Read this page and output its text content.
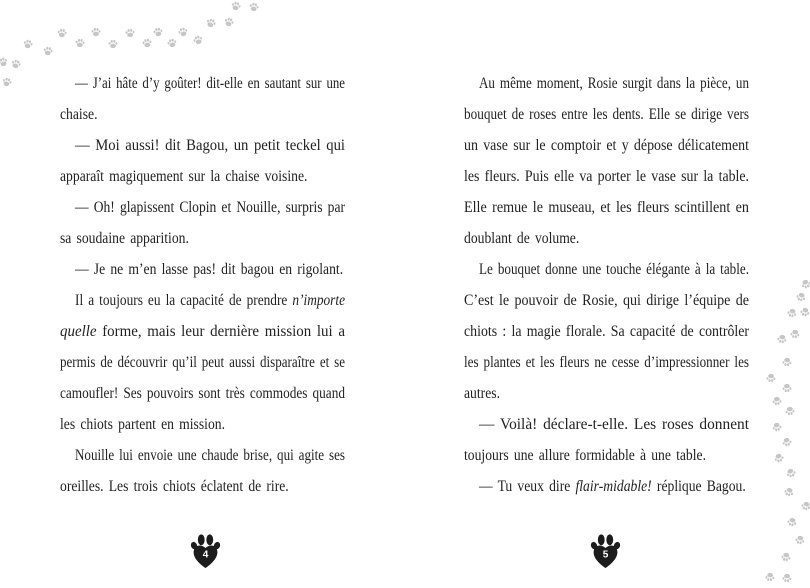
— J’ai hâte d’y goûter! dit-elle en sautant sur une
chaise.
— Moi aussi! dit Bagou, un petit teckel qui
apparaît magiquement sur la chaise voisine.
— Oh! glapissent Clopin et Nouille, surpris par
sa soudaine apparition.
— Je ne m’en lasse pas! dit bagou en rigolant.
Il a toujours eu la capacité de prendre n’importe
quelle forme, mais leur dernière mission lui a
permis de découvrir qu’il peut aussi disparaître et se
camoufler! Ses pouvoirs sont très commodes quand
les chiots partent en mission.
Nouille lui envoie une chaude brise, qui agite ses
oreilles. Les trois chiots éclatent de rire.
4
Au même moment, Rosie surgit dans la pièce, un
bouquet de roses entre les dents. Elle se dirige vers
un vase sur le comptoir et y dépose délicatement
les fleurs. Puis elle va porter le vase sur la table.
Elle remue le museau, et les fleurs scintillent en
doublant de volume.
Le bouquet donne une touche élégante à la table.
C’est le pouvoir de Rosie, qui dirige l’équipe de
chiots : la magie florale. Sa capacité de contrôler
les plantes et les fleurs ne cesse d’impressionner les
autres.
— Voilà! déclare-t-elle. Les roses donnent
toujours une allure formidable à une table.
— Tu veux dire flair-midable! réplique Bagou.
5
